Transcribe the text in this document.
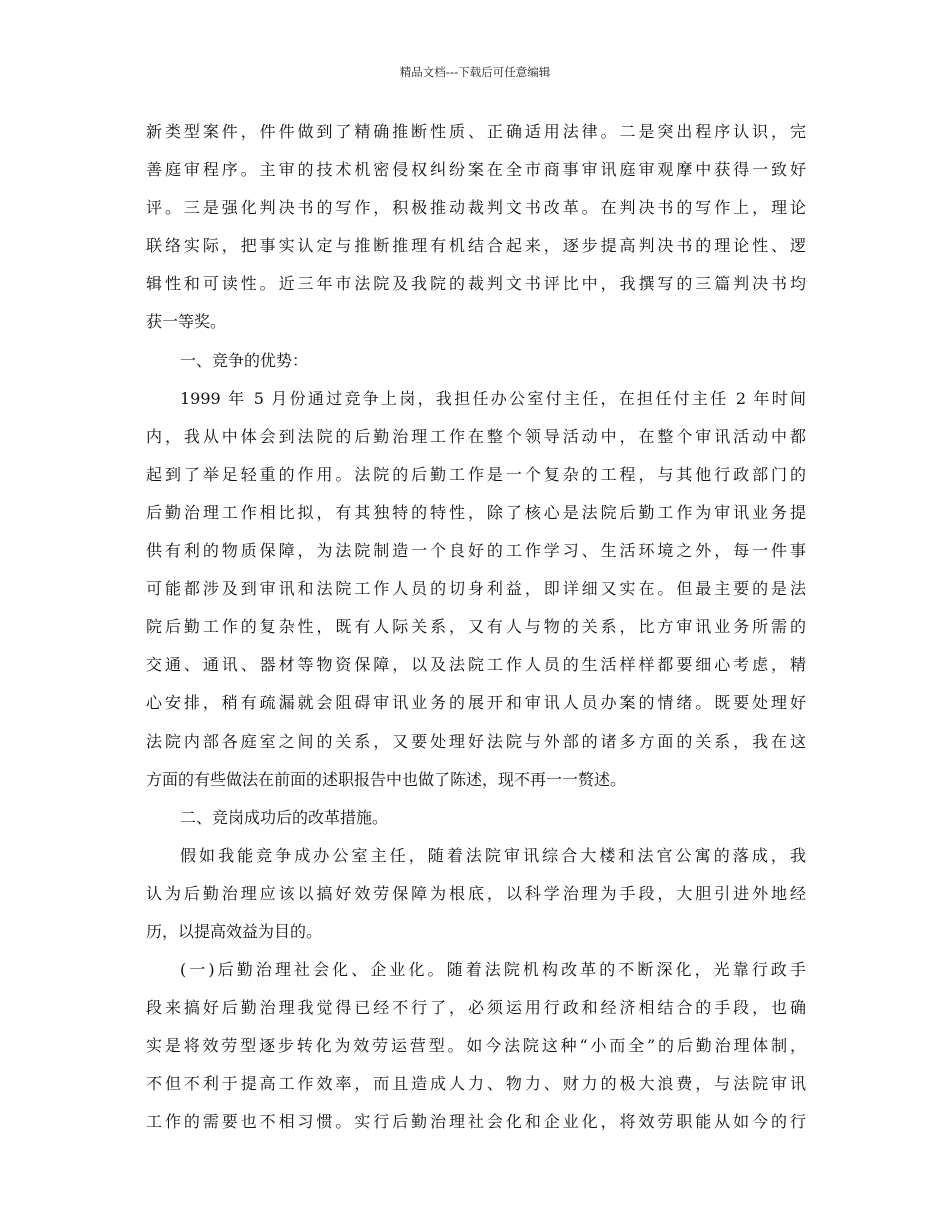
精品文档---下载后可任意编辑
新类型案件，件件做到了精确推断性质、正确适用法律。二是突出程序认识，完
善庭审程序。主审的技术机密侵权纠纷案在全市商事审讯庭审观摩中获得一致好
评。三是强化判决书的写作，积极推动裁判文书改革。在判决书的写作上，理论
联络实际，把事实认定与推断推理有机结合起来，逐步提高判决书的理论性、逻
辑性和可读性。近三年市法院及我院的裁判文书评比中，我撰写的三篇判决书均
获一等奖。
一、竞争的优势：
1999 年 5 月份通过竞争上岗，我担任办公室付主任，在担任付主任 2 年时间
内，我从中体会到法院的后勤治理工作在整个领导活动中，在整个审讯活动中都
起到了举足轻重的作用。法院的后勤工作是一个复杂的工程，与其他行政部门的
后勤治理工作相比拟，有其独特的特性，除了核心是法院后勤工作为审讯业务提
供有利的物质保障，为法院制造一个良好的工作学习、生活环境之外，每一件事
可能都涉及到审讯和法院工作人员的切身利益，即详细又实在。但最主要的是法
院后勤工作的复杂性，既有人际关系，又有人与物的关系，比方审讯业务所需的
交通、通讯、器材等物资保障，以及法院工作人员的生活样样都要细心考虑，精
心安排，稍有疏漏就会阻碍审讯业务的展开和审讯人员办案的情绪。既要处理好
法院内部各庭室之间的关系，又要处理好法院与外部的诸多方面的关系，我在这
方面的有些做法在前面的述职报告中也做了陈述，现不再一一赘述。
二、竞岗成功后的改革措施。
假如我能竞争成办公室主任，随着法院审讯综合大楼和法官公寓的落成，我
认为后勤治理应该以搞好效劳保障为根底，以科学治理为手段，大胆引进外地经
历，以提高效益为目的。
(一)后勤治理社会化、企业化。随着法院机构改革的不断深化，光靠行政手
段来搞好后勤治理我觉得已经不行了，必须运用行政和经济相结合的手段，也确
实是将效劳型逐步转化为效劳运营型。如今法院这种“小而全”的后勤治理体制，
不但不利于提高工作效率，而且造成人力、物力、财力的极大浪费，与法院审讯
工作的需要也不相习惯。实行后勤治理社会化和企业化，将效劳职能从如今的行
